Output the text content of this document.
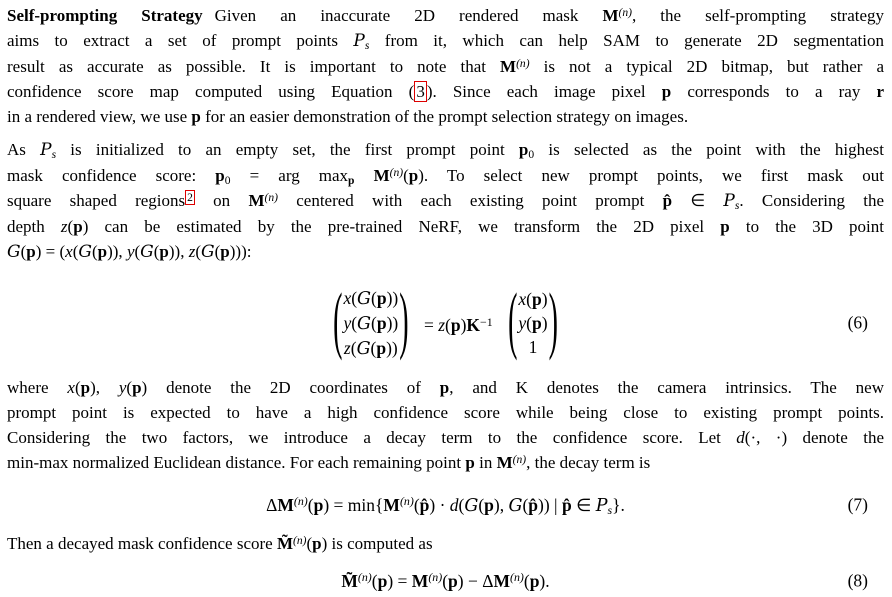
Self-prompting Strategy Given an inaccurate 2D rendered mask $M^{(n)}$, the self-prompting strategy
aims to extract a set of prompt points Ps from it, which can help SAM to generate 2D segmentation
result as accurate as possible. It is important to note that $M^{(n)}$ is not a typical 2D bitmap, but rather a
confidence score map computed using Equation ( 3 ). Since each image pixel p corresponds to a ray r
in a rendered view, we use p for an easier demonstration of the prompt selection strategy on images.
As Ps is initialized to an empty set, the first prompt point p0 is selected as the point with the highest
mask confidence score: p0 = arg maxp $M^{(n)}(p)$. To select new prompt points, we first mask out
square shaped regions $^2$ on $M^{(n)}$ centered with each existing point prompt p̂ ∈ Ps. Considering the
depth z(p) can be estimated by the pre-trained NeRF, we transform the 2D pixel p to the 3D point
G(p) = (x(G(p)), y(G(p)), z(G(p))):
( x(G(p))
y(G(p))
z(G(p)) ) = $z(p)K^{-1}$ ( x(p)
y(p)
1 )	(6)
where x(p), y(p) denote the 2D coordinates of p, and K denotes the camera intrinsics. The new
prompt point is expected to have a high confidence score while being close to existing prompt points.
Considering the two factors, we introduce a decay term to the confidence score. Let d(·, ·) denote the
min-max normalized Euclidean distance. For each remaining point p in $M^{(n)}$, the decay term is
$\Delta M^{(n)}(p)$ = $\min\{M^{(n)}(p̂) \cdot d(G(p)$, G(p̂)) | p̂ ∈ Ps}.	(7)
Then a decayed mask confidence score M̃$^{(n)}$(p) is computed as
M̃$^{(n)}$(p) = $M^{(n)}(p) - \Delta M^{(n)}(p)$.	(8)
